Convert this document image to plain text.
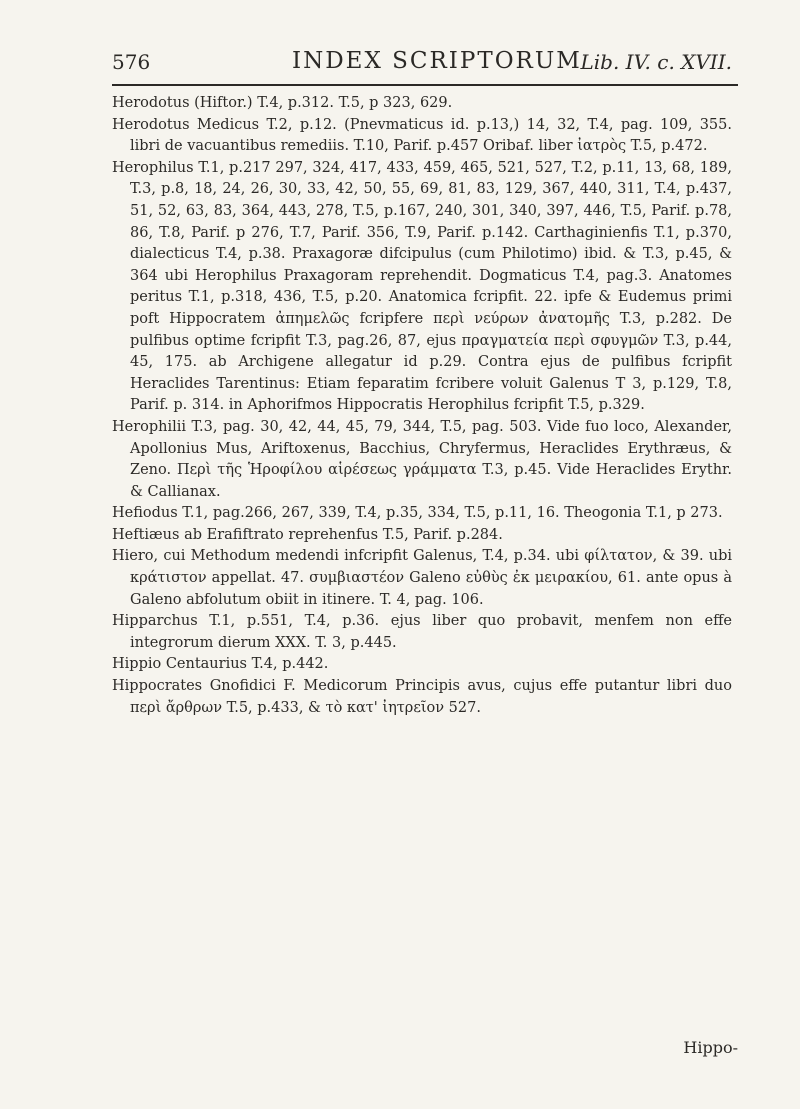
576	INDEX SCRIPTORUM
Lib. IV. c. XVII.

Herodotus (Hiftor.) T.4, p.312. T.5, p 323, 629.

Herodotus Medicus T.2, p.12. (Pnevmaticus id. p.13,) 14, 32, T.4, pag. 109, 355. libri de vacuantibus remediis. T.10, Parif. p.457 Oribaf. liber ἰατρὸς T.5, p.472.

Herophilus T.1, p.217 297, 324, 417, 433, 459, 465, 521, 527, T.2, p.11, 13, 68, 189, T.3, p.8, 18, 24, 26, 30, 33, 42, 50, 55, 69, 81, 83, 129, 367, 440, 311, T.4, p.437, 51, 52, 63, 83, 364, 443, 278, T.5, p.167, 240, 301, 340, 397, 446, T.5, Parif. p.78, 86, T.8, Parif. p 276, T.7, Parif. 356, T.9, Parif. p.142. Carthaginienfis T.1, p.370, dialecticus T.4, p.38. Praxagoræ difcipulus (cum Philotimo) ibid. & T.3, p.45, & 364 ubi Herophilus Praxagoram reprehendit. Dogmaticus T.4, pag.3. Anatomes peritus T.1, p.318, 436, T.5, p.20. Anatomica fcripfit. 22. ipfe & Eudemus primi poft Hippocratem ἀπημελῶς fcripfere περὶ νεύρων ἀνατομῆς T.3, p.282. De pulfibus optime fcripfit T.3, pag.26, 87, ejus πραγματεία περὶ σφυγμῶν T.3, p.44, 45, 175. ab Archigene allegatur id p.29. Contra ejus de pulfibus fcripfit Heraclides Tarentinus: Etiam feparatim fcribere voluit Galenus T 3, p.129, T.8, Parif. p. 314. in Aphorifmos Hippocratis Herophilus fcripfit T.5, p.329.

Herophilii T.3, pag. 30, 42, 44, 45, 79, 344, T.5, pag. 503. Vide fuo loco, Alexander, Apollonius Mus, Ariftoxenus, Bacchius, Chryfermus, Heraclides Erythræus, & Zeno. Περὶ τῆς Ἡροφίλου αἱρέσεως γράμματα T.3, p.45. Vide Heraclides Erythr. & Callianax.

Hefiodus T.1, pag.266, 267, 339, T.4, p.35, 334, T.5, p.11, 16. Theogonia T.1, p 273.

Heftiæus ab Erafiftrato reprehenfus T.5, Parif. p.284.

Hiero, cui Methodum medendi infcripfit Galenus, T.4, p.34. ubi φίλτατον, & 39. ubi κράτιστον appellat. 47. συμβιαστέον Galeno εὐθὺς ἐκ μειρακίου, 61. ante opus à Galeno abfolutum obiit in itinere. T. 4, pag. 106.

Hipparchus T.1, p.551, T.4, p.36. ejus liber quo probavit, menfem non effe integrorum dierum XXX. T. 3, p.445.

Hippio Centaurius T.4, p.442.

Hippocrates Gnofidici F. Medicorum Principis avus, cujus effe putantur libri duo περὶ ἄρθρων T.5, p.433, & τὸ κατ' ἰητρεῖον 527.

Hippo-
